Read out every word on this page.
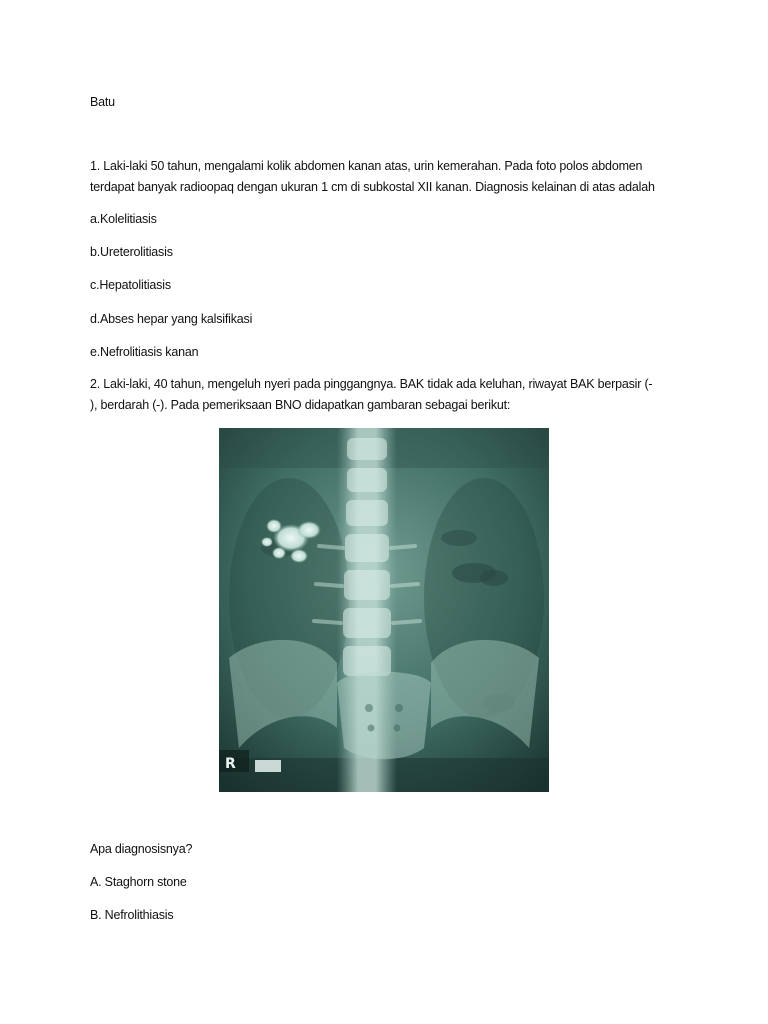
Batu
1. Laki-laki 50 tahun, mengalami kolik abdomen kanan atas, urin kemerahan. Pada foto polos abdomen
terdapat banyak radioopaq dengan ukuran 1 cm di subkostal XII kanan. Diagnosis kelainan di atas adalah
a.Kolelitiasis
b.Ureterolitiasis
c.Hepatolitiasis
d.Abses hepar yang kalsifikasi
e.Nefrolitiasis kanan
2. Laki-laki, 40 tahun, mengeluh nyeri pada pinggangnya. BAK tidak ada keluhan, riwayat BAK berpasir (-
), berdarah (-). Pada pemeriksaan BNO didapatkan gambaran sebagai berikut:
R
Apa diagnosisnya?
A. Staghorn stone
B. Nefrolithiasis
